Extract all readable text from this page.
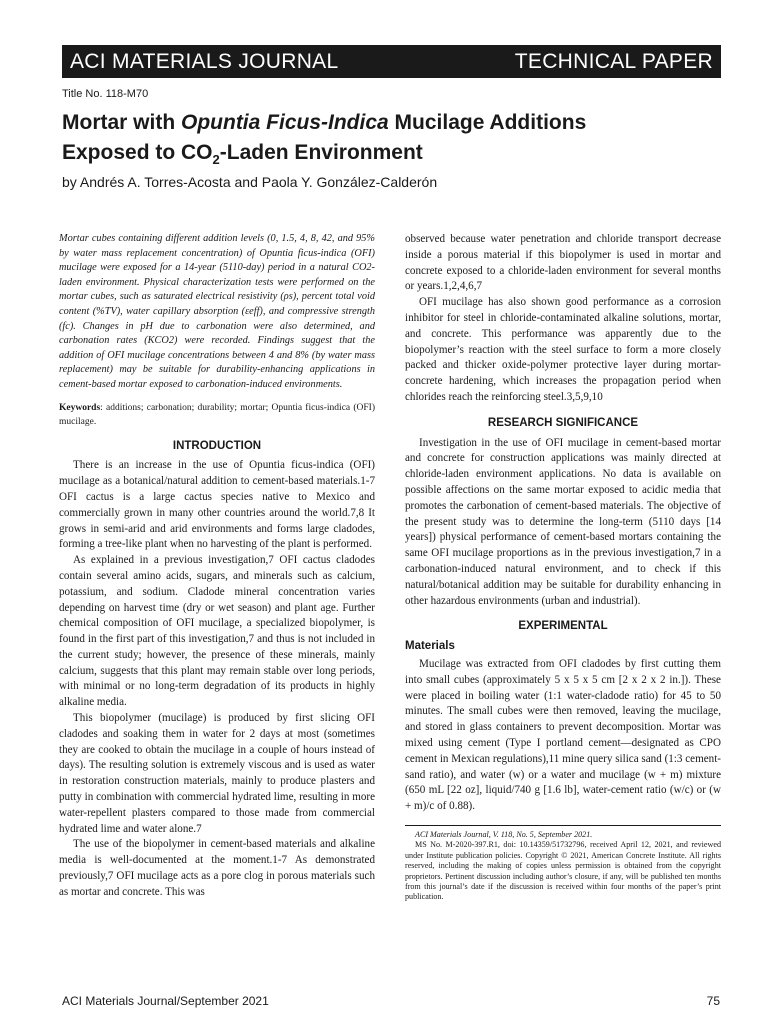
ACI MATERIALS JOURNAL	TECHNICAL PAPER
Title No. 118-M70
Mortar with Opuntia Ficus-Indica Mucilage Additions
Exposed to $CO_2$-Laden Environment
by Andrés A. Torres-Acosta and Paola Y. González-Calderón

Mortar cubes containing different addition levels (0, 1.5, 4, 8, 42, and 95% by water mass replacement concentration) of Opuntia ficus-indica (OFI) mucilage were exposed for a 14-year (5110-day) period in a natural CO2-laden environment. Physical characterization tests were performed on the mortar cubes, such as saturated electrical resistivity (ρs), percent total void content (%TV), water capillary absorption (εeff), and compressive strength (fc). Changes in pH due to carbonation were also determined, and carbonation rates (KCO2) were recorded. Findings suggest that the addition of OFI mucilage concentrations between 4 and 8% (by water mass replacement) may be suitable for durability-enhancing applications in cement-based mortar exposed to carbonation-induced environments.

Keywords: additions; carbonation; durability; mortar; Opuntia ficus-indica (OFI) mucilage.

INTRODUCTION

There is an increase in the use of Opuntia ficus-indica (OFI) mucilage as a botanical/natural addition to cement-based materials.1-7 OFI cactus is a large cactus species native to Mexico and commercially grown in many other countries around the world.7,8 It grows in semi-arid and arid environments and forms large cladodes, forming a tree-like plant when no harvesting of the plant is performed.

As explained in a previous investigation,7 OFI cactus cladodes contain several amino acids, sugars, and minerals such as calcium, potassium, and sodium. Cladode mineral concentration varies depending on harvest time (dry or wet season) and plant age. Further chemical composition of OFI mucilage, a specialized biopolymer, is found in the first part of this investigation,7 and thus is not included in the current study; however, the presence of these minerals, mainly calcium, suggests that this plant may remain stable over long periods, with minimal or no long-term degradation of its products in highly alkaline media.

This biopolymer (mucilage) is produced by first slicing OFI cladodes and soaking them in water for 2 days at most (sometimes they are cooked to obtain the mucilage in a couple of hours instead of days). The resulting solution is extremely viscous and is used as water in restoration construction materials, mainly to produce plasters and putty in combination with commercial hydrated lime, resulting in more water-repellent plasters compared to those made from commercial hydrated lime and water alone.7

The use of the biopolymer in cement-based materials and alkaline media is well-documented at the moment.1-7 As demonstrated previously,7 OFI mucilage acts as a pore clog in porous materials such as mortar and concrete. This was

observed because water penetration and chloride transport decrease inside a porous material if this biopolymer is used in mortar and concrete exposed to a chloride-laden environment for several months or years.1,2,4,6,7

OFI mucilage has also shown good performance as a corrosion inhibitor for steel in chloride-contaminated alkaline solutions, mortar, and concrete. This performance was apparently due to the biopolymer’s reaction with the steel surface to form a more closely packed and thicker oxide-polymer protective layer during mortar-concrete hardening, which increases the propagation period when chlorides reach the reinforcing steel.3,5,9,10

RESEARCH SIGNIFICANCE

Investigation in the use of OFI mucilage in cement-based mortar and concrete for construction applications was mainly directed at chloride-laden environment applications. No data is available on possible affections on the same mortar exposed to acidic media that promotes the carbonation of cement-based materials. The objective of the present study was to determine the long-term (5110 days [14 years]) physical performance of cement-based mortars containing the same OFI mucilage proportions as in the previous investigation,7 in a carbonation-induced natural environment, and to check if this natural/botanical addition may be suitable for durability enhancing in other hazardous environments (urban and industrial).

EXPERIMENTAL
Materials

Mucilage was extracted from OFI cladodes by first cutting them into small cubes (approximately 5 x 5 x 5 cm [2 x 2 x 2 in.]). These were placed in boiling water (1:1 water-cladode ratio) for 45 to 50 minutes. The small cubes were then removed, leaving the mucilage, and stored in glass containers to prevent decomposition. Mortar was mixed using cement (Type I portland cement—designated as CPO cement in Mexican regulations),11 mine query silica sand (1:3 cement-sand ratio), and water (w) or a water and mucilage (w + m) mixture (650 mL [22 oz], liquid/740 g [1.6 lb], water-cement ratio (w/c) or (w + m)/c of 0.88).

ACI Materials Journal, V. 118, No. 5, September 2021.

MS No. M-2020-397.R1, doi: 10.14359/51732796, received April 12, 2021, and reviewed under Institute publication policies. Copyright © 2021, American Concrete Institute. All rights reserved, including the making of copies unless permission is obtained from the copyright proprietors. Pertinent discussion including author’s closure, if any, will be published ten months from this journal’s date if the discussion is received within four months of the paper’s print publication.

ACI Materials Journal/September 2021	75
